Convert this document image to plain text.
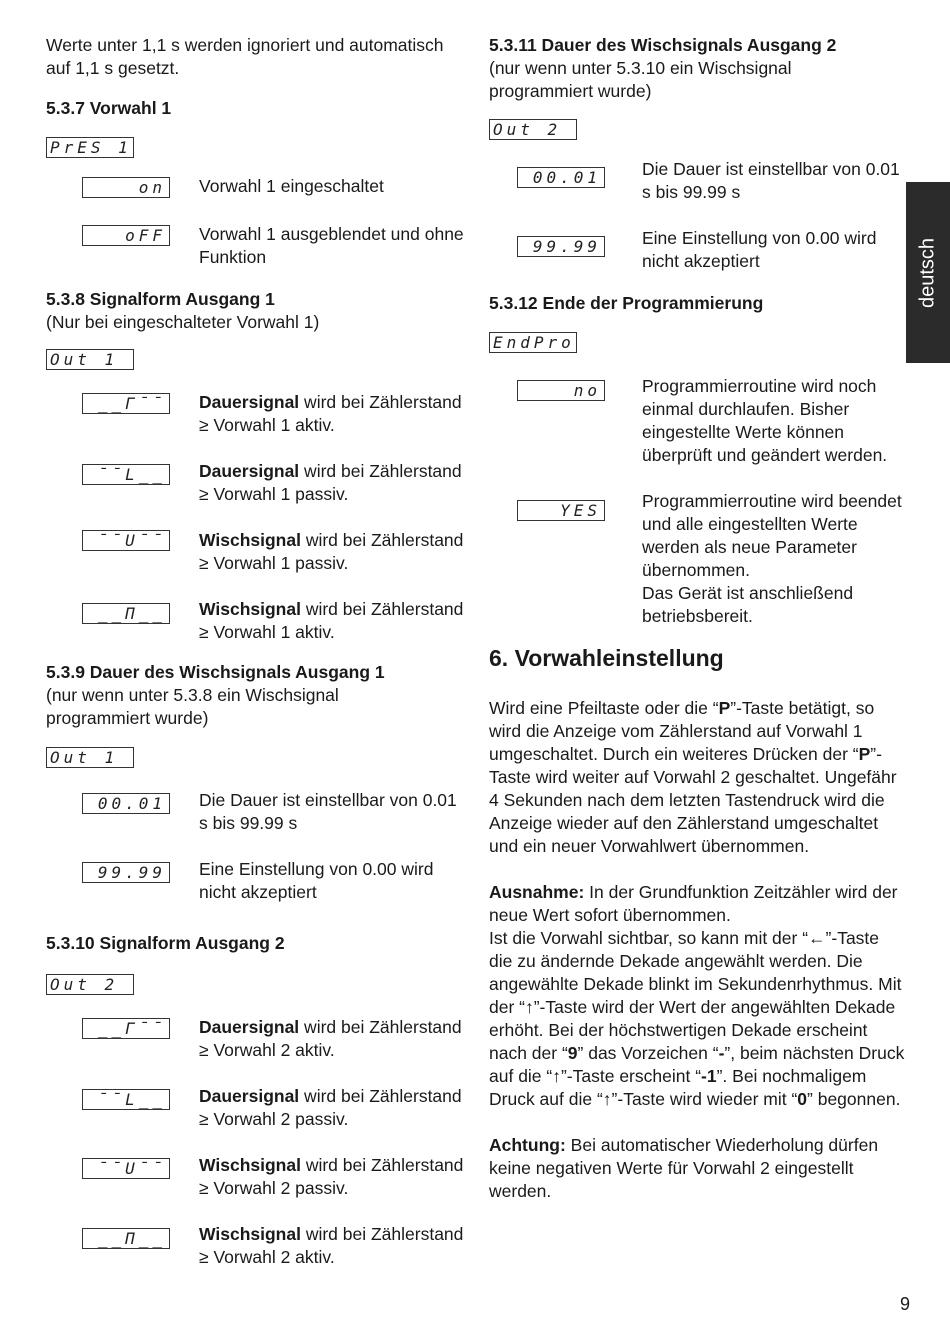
deutsch

Werte unter 1,1 s werden ignoriert und automatisch auf 1,1 s gesetzt.

5.3.7 Vorwahl 1

PrES 1
on	Vorwahl 1 eingeschaltet
oFF	Vorwahl 1 ausgeblendet und ohne Funktion

5.3.8 Signalform Ausgang 1

(Nur bei eingeschalteter Vorwahl 1)

Out 1
__Γ¯¯	Dauersignal wird bei Zählerstand ≥ Vorwahl 1 aktiv.
¯¯L__	Dauersignal wird bei Zählerstand ≥ Vorwahl 1 passiv.
¯¯U¯¯	Wischsignal wird bei Zählerstand ≥ Vorwahl 1 passiv.
__Π__	Wischsignal wird bei Zählerstand ≥ Vorwahl 1 aktiv.

5.3.9 Dauer des Wischsignals Ausgang 1

(nur wenn unter 5.3.8 ein Wischsignal programmiert wurde)

Out 1
00.01	Die Dauer ist einstellbar von 0.01 s bis 99.99 s
99.99	Eine Einstellung von 0.00 wird nicht akzeptiert

5.3.10 Signalform Ausgang 2

Out 2
__Γ¯¯	Dauersignal wird bei Zählerstand ≥ Vorwahl 2 aktiv.
¯¯L__	Dauersignal wird bei Zählerstand ≥ Vorwahl 2 passiv.
¯¯U¯¯	Wischsignal wird bei Zählerstand ≥ Vorwahl 2 passiv.
__Π__	Wischsignal wird bei Zählerstand ≥ Vorwahl 2 aktiv.

5.3.11 Dauer des Wischsignals Ausgang 2

(nur wenn unter 5.3.10 ein Wischsignal programmiert wurde)

Out 2
00.01	Die Dauer ist einstellbar von 0.01 s bis 99.99 s
99.99	Eine Einstellung von 0.00 wird nicht akzeptiert

5.3.12 Ende der Programmierung

EndPro
no	Programmierroutine wird noch einmal durchlaufen. Bisher eingestellte Werte können überprüft und geändert werden.
YES	Programmierroutine wird beendet und alle eingestellten Werte werden als neue Parameter übernommen.
Das Gerät ist anschließend betriebsbereit.

6. Vorwahleinstellung

Wird eine Pfeiltaste oder die “P”-Taste betätigt, so wird die Anzeige vom Zählerstand auf Vorwahl 1 umgeschaltet. Durch ein weiteres Drücken der “P”-Taste wird weiter auf Vorwahl 2 geschaltet. Ungefähr 4 Sekunden nach dem letzten Tastendruck wird die Anzeige wieder auf den Zählerstand umgeschaltet und ein neuer Vorwahlwert übernommen.

Ausnahme: In der Grundfunktion Zeitzähler wird der neue Wert sofort übernommen.

Ist die Vorwahl sichtbar, so kann mit der “←”-Taste die zu ändernde Dekade angewählt werden. Die angewählte Dekade blinkt im Sekundenrhythmus. Mit der “↑”-Taste wird der Wert der angewählten Dekade erhöht. Bei der höchstwertigen Dekade erscheint nach der “9” das Vorzeichen “-”, beim nächsten Druck auf die “↑”-Taste erscheint “-1”. Bei nochmaligem Druck auf die “↑”-Taste wird wieder mit “0” begonnen.

Achtung: Bei automatischer Wiederholung dürfen keine negativen Werte für Vorwahl 2 eingestellt werden.

9
